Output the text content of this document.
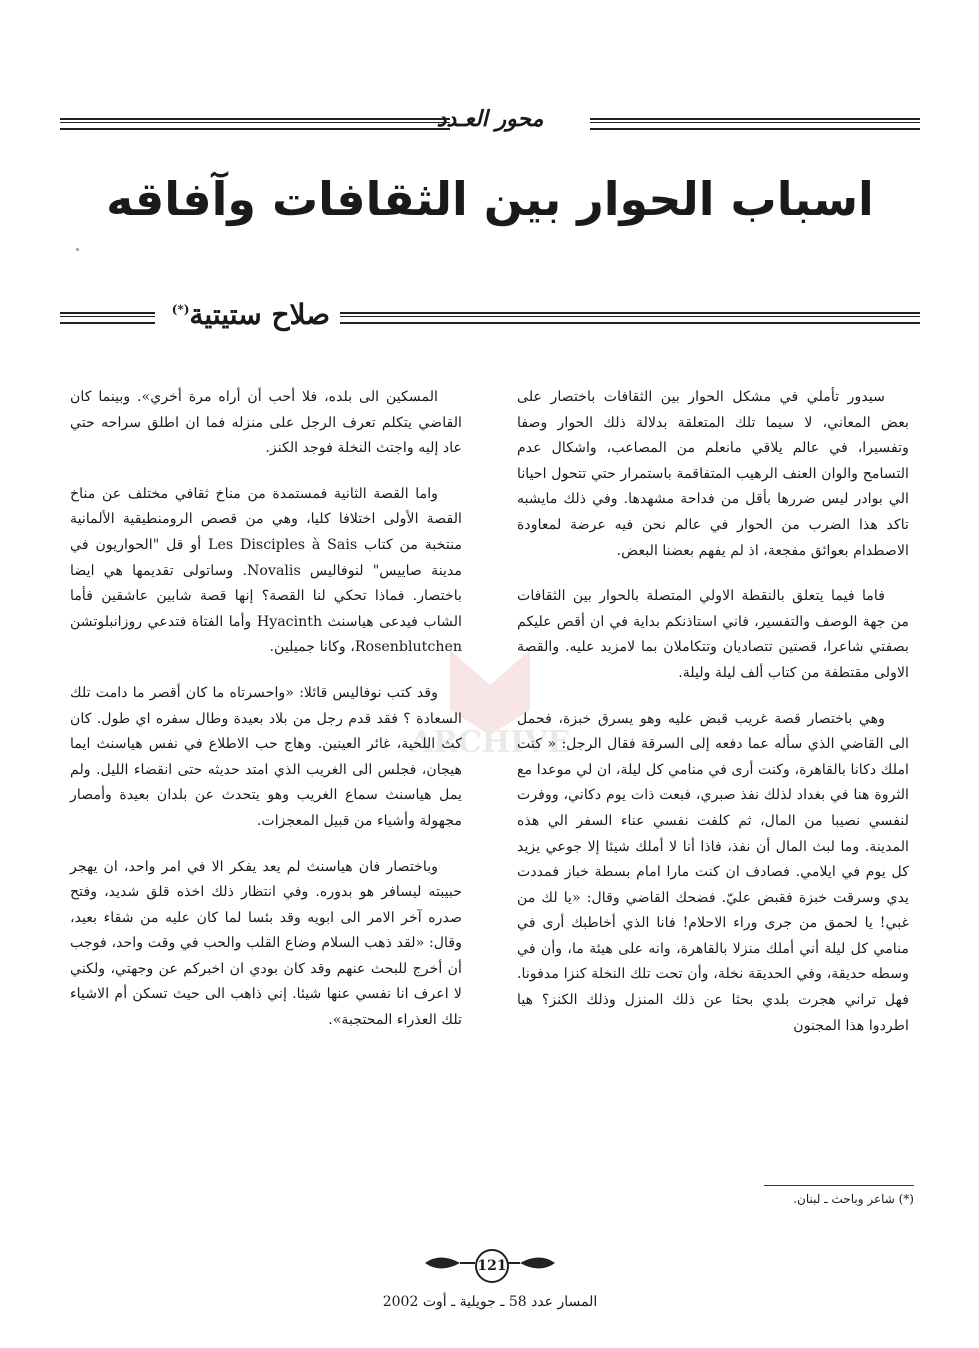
محور العـدد
اسباب الحوار بين الثقافات وآفاقه
صلاح ستيتية(*)
ARCHIVE

سيدور تأملي في مشكل الحوار بين الثقافات باختصار على بعض المعاني، لا سيما تلك المتعلقة بدلالة ذلك الحوار وصفا وتفسيرا، في عالم يلاقي مانعلم من المصاعب، واشكال عدم التسامح والوان العنف الرهيب المتفاقمة باستمرار حتي تتحول احيانا الي بوادر ليس ضررها بأقل من فداحة مشهدها. وفي ذلك مايشبه تاكد هذا الضرب من الحوار في عالم نحن فيه عرضة لمعاودة الاصطدام بعوائق مفجعة، اذ لم يفهم بعضنا البعض.

فاما فيما يتعلق بالنقطة الاولي المتصلة بالحوار بين الثقافات من جهة الوصف والتفسير، فاني استاذنكم بداية في ان أقص عليكم بصفتي شاعرا، قصتين تتصاديان وتتكاملان بما لامزيد عليه. والقصة الاولى مقتطفة من كتاب ألف ليلة وليلة.

وهي باختصار قصة غريب قبض عليه وهو يسرق خبزة، فحمل الى القاضي الذي سأله عما دفعه إلى السرقة فقال الرجل: « كنت املك دكانا بالقاهرة، وكنت أرى في منامي كل ليلة، ان لي موعدا مع الثروة هنا في بغداد لذلك نفذ صبري، فبعت ذات يوم دكاني، ووفرت لنفسي نصيبا من المال، ثم كلفت نفسي عناء السفر الي هذه المدينة. وما لبث المال أن نفذ، فاذا أنا لا أملك شيئا إلا جوعي يزيد كل يوم في ايلامي. فصادف ان كنت مارا امام بسطة خباز فمددت يدي وسرقت خبزة فقبض عليّ. فضحك القاضي وقال: «يا لك من غبي! يا لحمق من جرى وراء الاحلام! فانا الذي أخاطبك أرى في منامي كل ليلة أني أملك منزلا بالقاهرة، وانه على هيئة ما، وأن في وسطه حديقة، وفي الحديقة نخلة، وأن تحت تلك النخلة كنزا مدفونا. فهل تراني هجرت بلدي بحثا عن ذلك المنزل وذلك الكنز؟ هيا اطردوا هذا المجنون

المسكين الى بلده، فلا أحب أن أراه مرة أخري». وبينما كان القاضي يتكلم تعرف الرجل على منزله فما ان اطلق سراحه حتي عاد إليه واجتث النخلة فوجد الكنز.

واما القصة الثانية فمستمدة من مناخ ثقافي مختلف عن مناخ القصة الأولى اختلافا كليا، وهي من قصص الرومنطيقية الألمانية منتخبة من كتاب Les Disciples à Sais أو قل "الحواريون في مدينة صاييس" لنوفاليس Novalis. وساتولى تقديمها هي ايضا باختصار. فماذا تحكي لنا القصة؟ إنها قصة شابين عاشقين فأما الشاب فيدعى هياسنث Hyacinth وأما الفتاة فتدعي روزانبلوتشن Rosenblutchen، وكانا جميلين.

وقد كتب نوفاليس قائلا: «واحسرتاه ما كان أقصر ما دامت تلك السعادة ؟ فقد قدم رجل من بلاد بعيدة وطال سفره اي طول. كان كث اللحية، غائر العينين. وهاج حب الاطلاع في نفس هياسنث ايما هيجان، فجلس الى الغريب الذي امتد حديثه حتى انقضاء الليل. ولم يمل هياسنث سماع الغريب وهو يتحدث عن بلدان بعيدة وأمصار مجهولة وأشياء من قبيل المعجزات.

وباختصار فان هياسنث لم يعد يفكر الا في امر واحد، ان يهجر حبيبته ليسافر هو بدوره. وفي انتظار ذلك اخذه قلق شديد، وفتح صدره آخر الامر الى ابويه وقد بئسا لما كان عليه من شقاء بعيد، وقال: «لقد ذهب السلام وضاع القلب والحب في وقت واحد، فوجب أن أخرج للبحث عنهم وقد كان بودي ان اخبركم عن وجهتي، ولكني لا اعرف انا نفسي عنها شيئا. إني ذاهب الى حيث تسكن أم الاشياء تلك العذراء المحتجبة».

(*) شاعر وباحث ـ لبنان.
121
المسار عدد 58 ـ جويلية ـ أوت 2002
